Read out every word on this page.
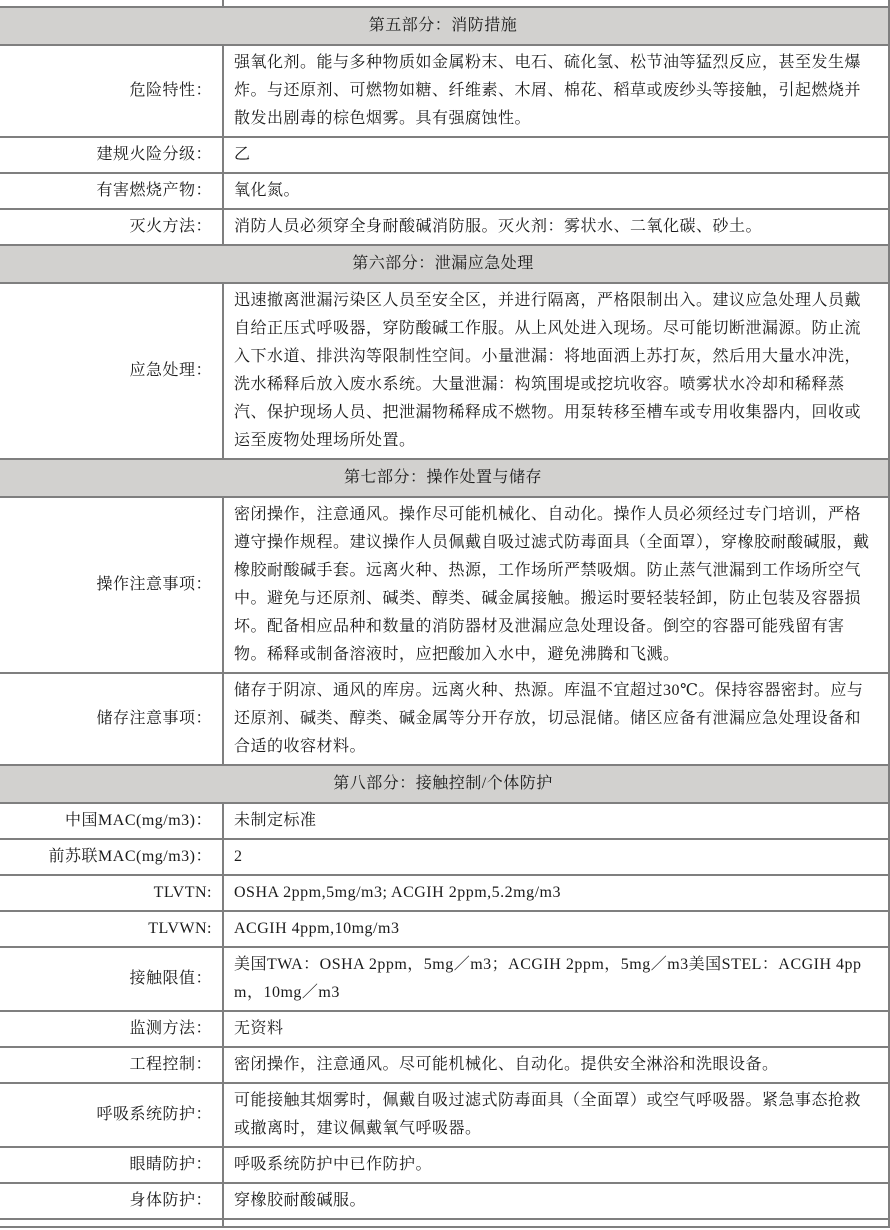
第五部分：消防措施	
危险特性：	强氧化剂。能与多种物质如金属粉末、电石、硫化氢、松节油等猛烈反应，甚至发生爆炸。与还原剂、可燃物如糖、纤维素、木屑、棉花、稻草或废纱头等接触，引起燃烧并散发出剧毒的棕色烟雾。具有强腐蚀性。
建规火险分级：	乙
有害燃烧产物：	氧化氮。
灭火方法：	消防人员必须穿全身耐酸碱消防服。灭火剂：雾状水、二氧化碳、砂土。
第六部分：泄漏应急处理	
应急处理：	迅速撤离泄漏污染区人员至安全区，并进行隔离，严格限制出入。建议应急处理人员戴自给正压式呼吸器，穿防酸碱工作服。从上风处进入现场。尽可能切断泄漏源。防止流入下水道、排洪沟等限制性空间。小量泄漏：将地面洒上苏打灰，然后用大量水冲洗，洗水稀释后放入废水系统。大量泄漏：构筑围堤或挖坑收容。喷雾状水冷却和稀释蒸汽、保护现场人员、把泄漏物稀释成不燃物。用泵转移至槽车或专用收集器内，回收或运至废物处理场所处置。
第七部分：操作处置与储存	
操作注意事项：	密闭操作，注意通风。操作尽可能机械化、自动化。操作人员必须经过专门培训，严格遵守操作规程。建议操作人员佩戴自吸过滤式防毒面具（全面罩），穿橡胶耐酸碱服，戴橡胶耐酸碱手套。远离火种、热源，工作场所严禁吸烟。防止蒸气泄漏到工作场所空气中。避免与还原剂、碱类、醇类、碱金属接触。搬运时要轻装轻卸，防止包装及容器损坏。配备相应品种和数量的消防器材及泄漏应急处理设备。倒空的容器可能残留有害物。稀释或制备溶液时，应把酸加入水中，避免沸腾和飞溅。
储存注意事项：	储存于阴凉、通风的库房。远离火种、热源。库温不宜超过30℃。保持容器密封。应与还原剂、碱类、醇类、碱金属等分开存放，切忌混储。储区应备有泄漏应急处理设备和合适的收容材料。
第八部分：接触控制/个体防护	
中国MAC(mg/m3)：	未制定标准
前苏联MAC(mg/m3)：	2
TLVTN:	OSHA 2ppm,5mg/m3; ACGIH 2ppm,5.2mg/m3
TLVWN:	ACGIH 4ppm,10mg/m3
接触限值：	美国TWA：OSHA 2ppm，5mg／m3；ACGIH 2ppm，5mg／m3美国STEL：ACGIH 4ppm，10mg／m3
监测方法：	无资料
工程控制：	密闭操作，注意通风。尽可能机械化、自动化。提供安全淋浴和洗眼设备。
呼吸系统防护：	可能接触其烟雾时，佩戴自吸过滤式防毒面具（全面罩）或空气呼吸器。紧急事态抢救或撤离时，建议佩戴氧气呼吸器。
眼睛防护：	呼吸系统防护中已作防护。
身体防护：	穿橡胶耐酸碱服。
